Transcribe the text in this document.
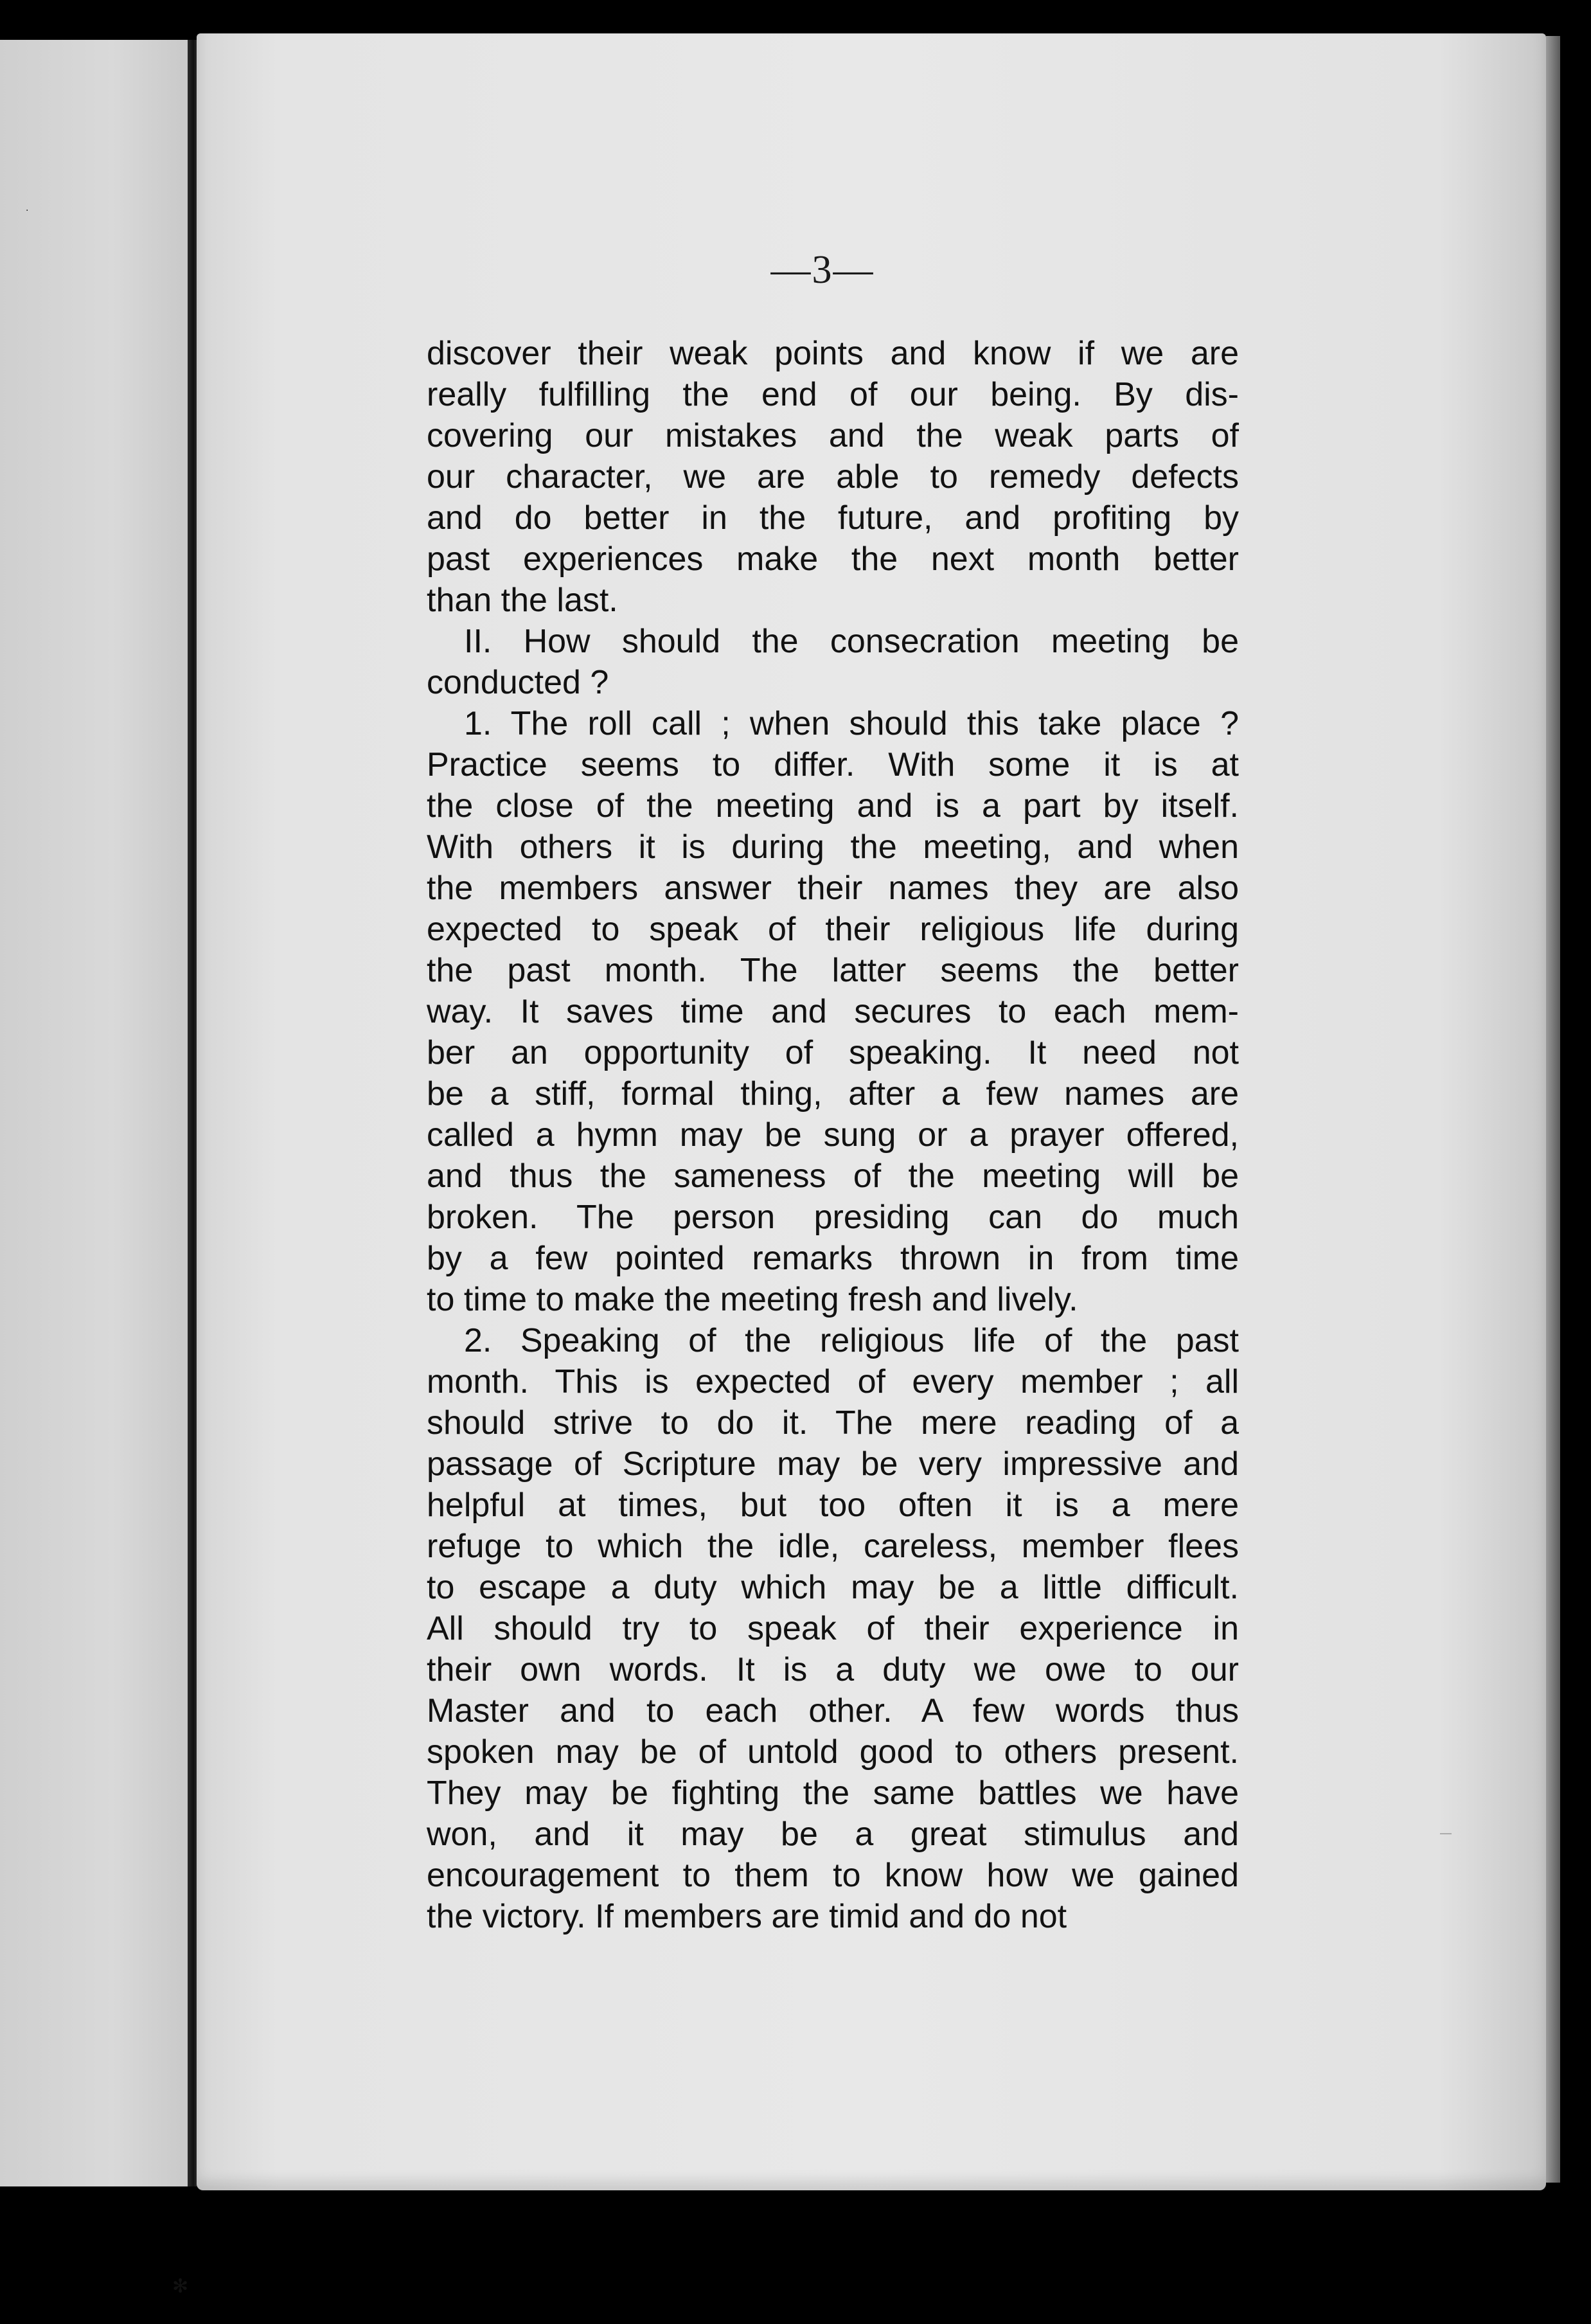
·
✻
—
—3—
discover their weak points and know if we are
really fulfilling the end of our being. By dis-
covering our mistakes and the weak parts of
our character, we are able to remedy defects
and do better in the future, and profiting by
past experiences make the next month better
than the last.
II. How should the consecration meeting be
conducted ?
1. The roll call ; when should this take place ?
Practice seems to differ. With some it is at
the close of the meeting and is a part by itself.
With others it is during the meeting, and when
the members answer their names they are also
expected to speak of their religious life during
the past month. The latter seems the better
way. It saves time and secures to each mem-
ber an opportunity of speaking. It need not
be a stiff, formal thing, after a few names are
called a hymn may be sung or a prayer offered,
and thus the sameness of the meeting will be
broken. The person presiding can do much
by a few pointed remarks thrown in from time
to time to make the meeting fresh and lively.
2. Speaking of the religious life of the past
month. This is expected of every member ; all
should strive to do it. The mere reading of a
passage of Scripture may be very impressive and
helpful at times, but too often it is a mere
refuge to which the idle, careless, member flees
to escape a duty which may be a little difficult.
All should try to speak of their experience in
their own words. It is a duty we owe to our
Master and to each other. A few words thus
spoken may be of untold good to others present.
They may be fighting the same battles we have
won, and it may be a great stimulus and
encouragement to them to know how we gained
the victory. If members are timid and do not
